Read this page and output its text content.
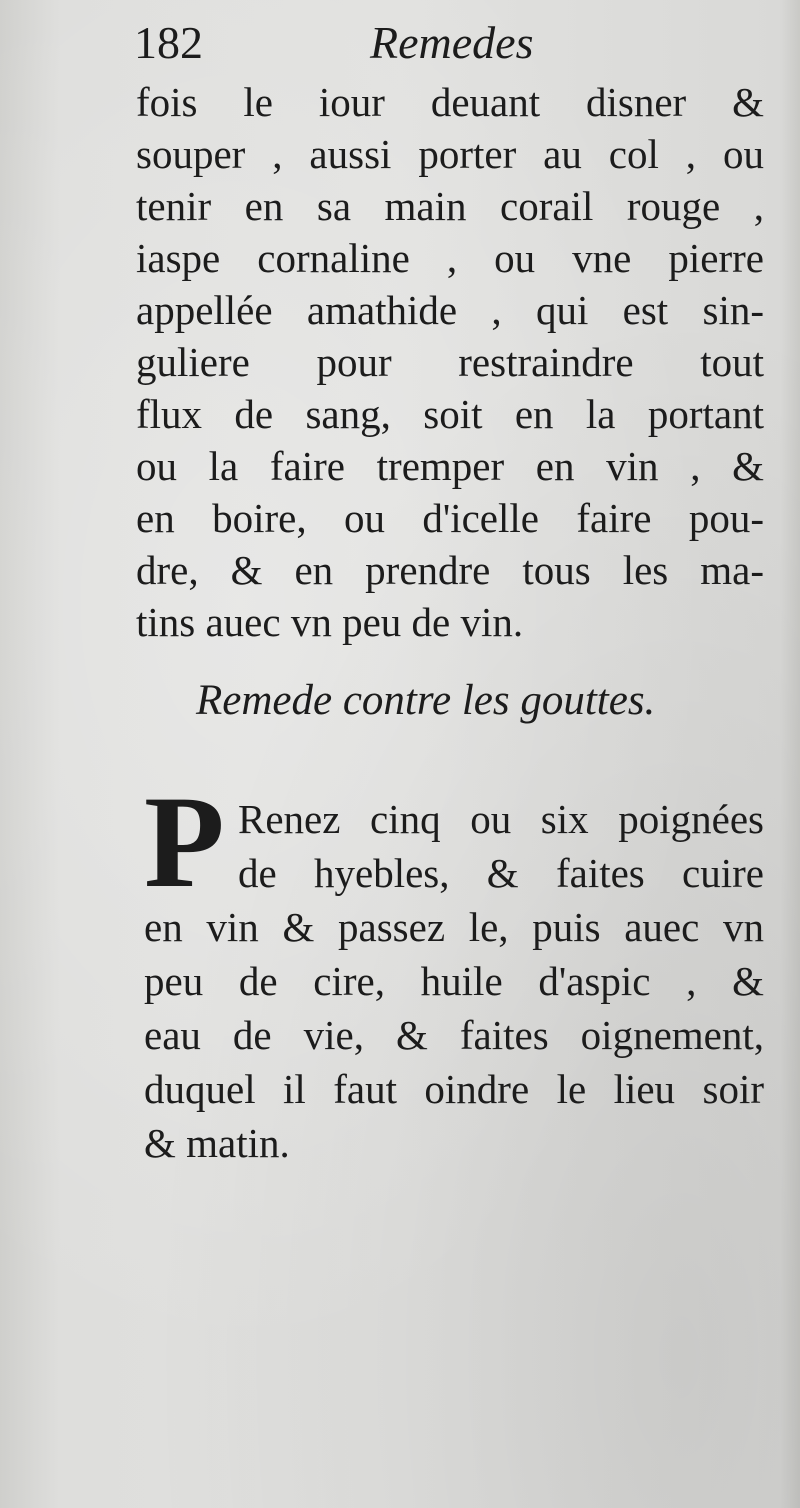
182	Remedes
fois le iour deuant disner &
souper , aussi porter au col , ou
tenir en sa main corail rouge ,
iaspe cornaline , ou vne pierre
appellée amathide , qui est sin-
guliere pour restraindre tout
flux de sang, soit en la portant
ou la faire tremper en vin , &
en boire, ou d'icelle faire pou-
dre, & en prendre tous les ma-
tins auec vn peu de vin.
Remede contre les gouttes.
P Renez cinq ou six poignées
de hyebles, & faites cuire
en vin & passez le, puis auec vn
peu de cire, huile d'aspic , &
eau de vie, & faites oignement,
duquel il faut oindre le lieu soir
& matin.
